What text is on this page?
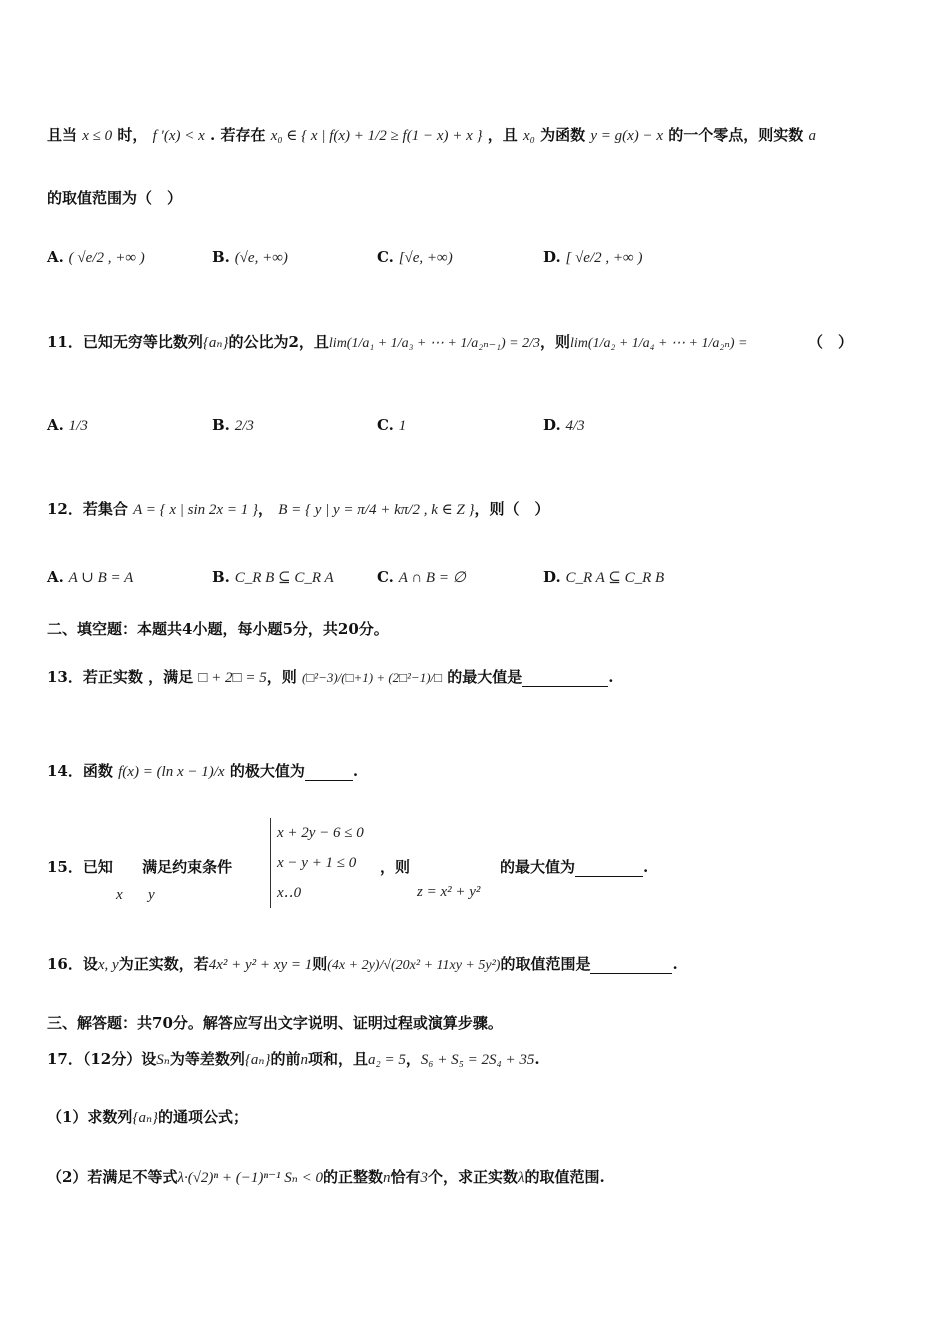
且当 x ≤ 0 时， f ′(x) < x . 若存在 x₀ ∈ { x | f(x) + 1/2 ≥ f(1 − x) + x } ，且 x₀ 为函数 y = g(x) − x 的一个零点，则实数 a
的取值范围为（　）
A. ( √e/2 , +∞ )	B. (√e, +∞)	C. [√e, +∞)	D. [ √e/2 , +∞ )
11．已知无穷等比数列{aₙ}的公比为2，且lim(1/a₁ + 1/a₃ + ⋯ + 1/a₂ₙ₋₁) = 2/3，则lim(1/a₂ + 1/a₄ + ⋯ + 1/a₂ₙ) =	（　）
A. 1/3	B. 2/3	C. 1	D. 4/3
12．若集合 A = { x | sin 2x = 1 }， B = { y | y = π/4 + kπ/2 , k ∈ Z }，则（　）
A. A ∪ B = A	B. C_R B ⊆ C_R A	C. A ∩ B = ∅	D. C_R A ⊆ C_R B
二、填空题：本题共4小题，每小题5分，共20分。
13．若正实数 ，满足 □ + 2□ = 5，则 (□²−3)/(□+1) + (2□²−1)/□ 的最大值是	.
14．函数 f(x) = (ln x − 1)/x 的极大值为	.
15．已知 满足约束条件
x y
x + 2y − 6 ≤ 0
x − y + 1 ≤ 0
x‥0
，则
z = x² + y²
的最大值为	.
16．设x, y为正实数，若4x² + y² + xy = 1则(4x + 2y)/√(20x² + 11xy + 5y²)的取值范围是	.
三、解答题：共70分。解答应写出文字说明、证明过程或演算步骤。
17．（12分）设Sₙ为等差数列{aₙ}的前n项和，且a₂ = 5，S₆ + S₅ = 2S₄ + 35.
（1）求数列{aₙ}的通项公式；
（2）若满足不等式λ·(√2)ⁿ + (−1)ⁿ⁻¹ Sₙ < 0的正整数n恰有3个，求正实数λ的取值范围.
